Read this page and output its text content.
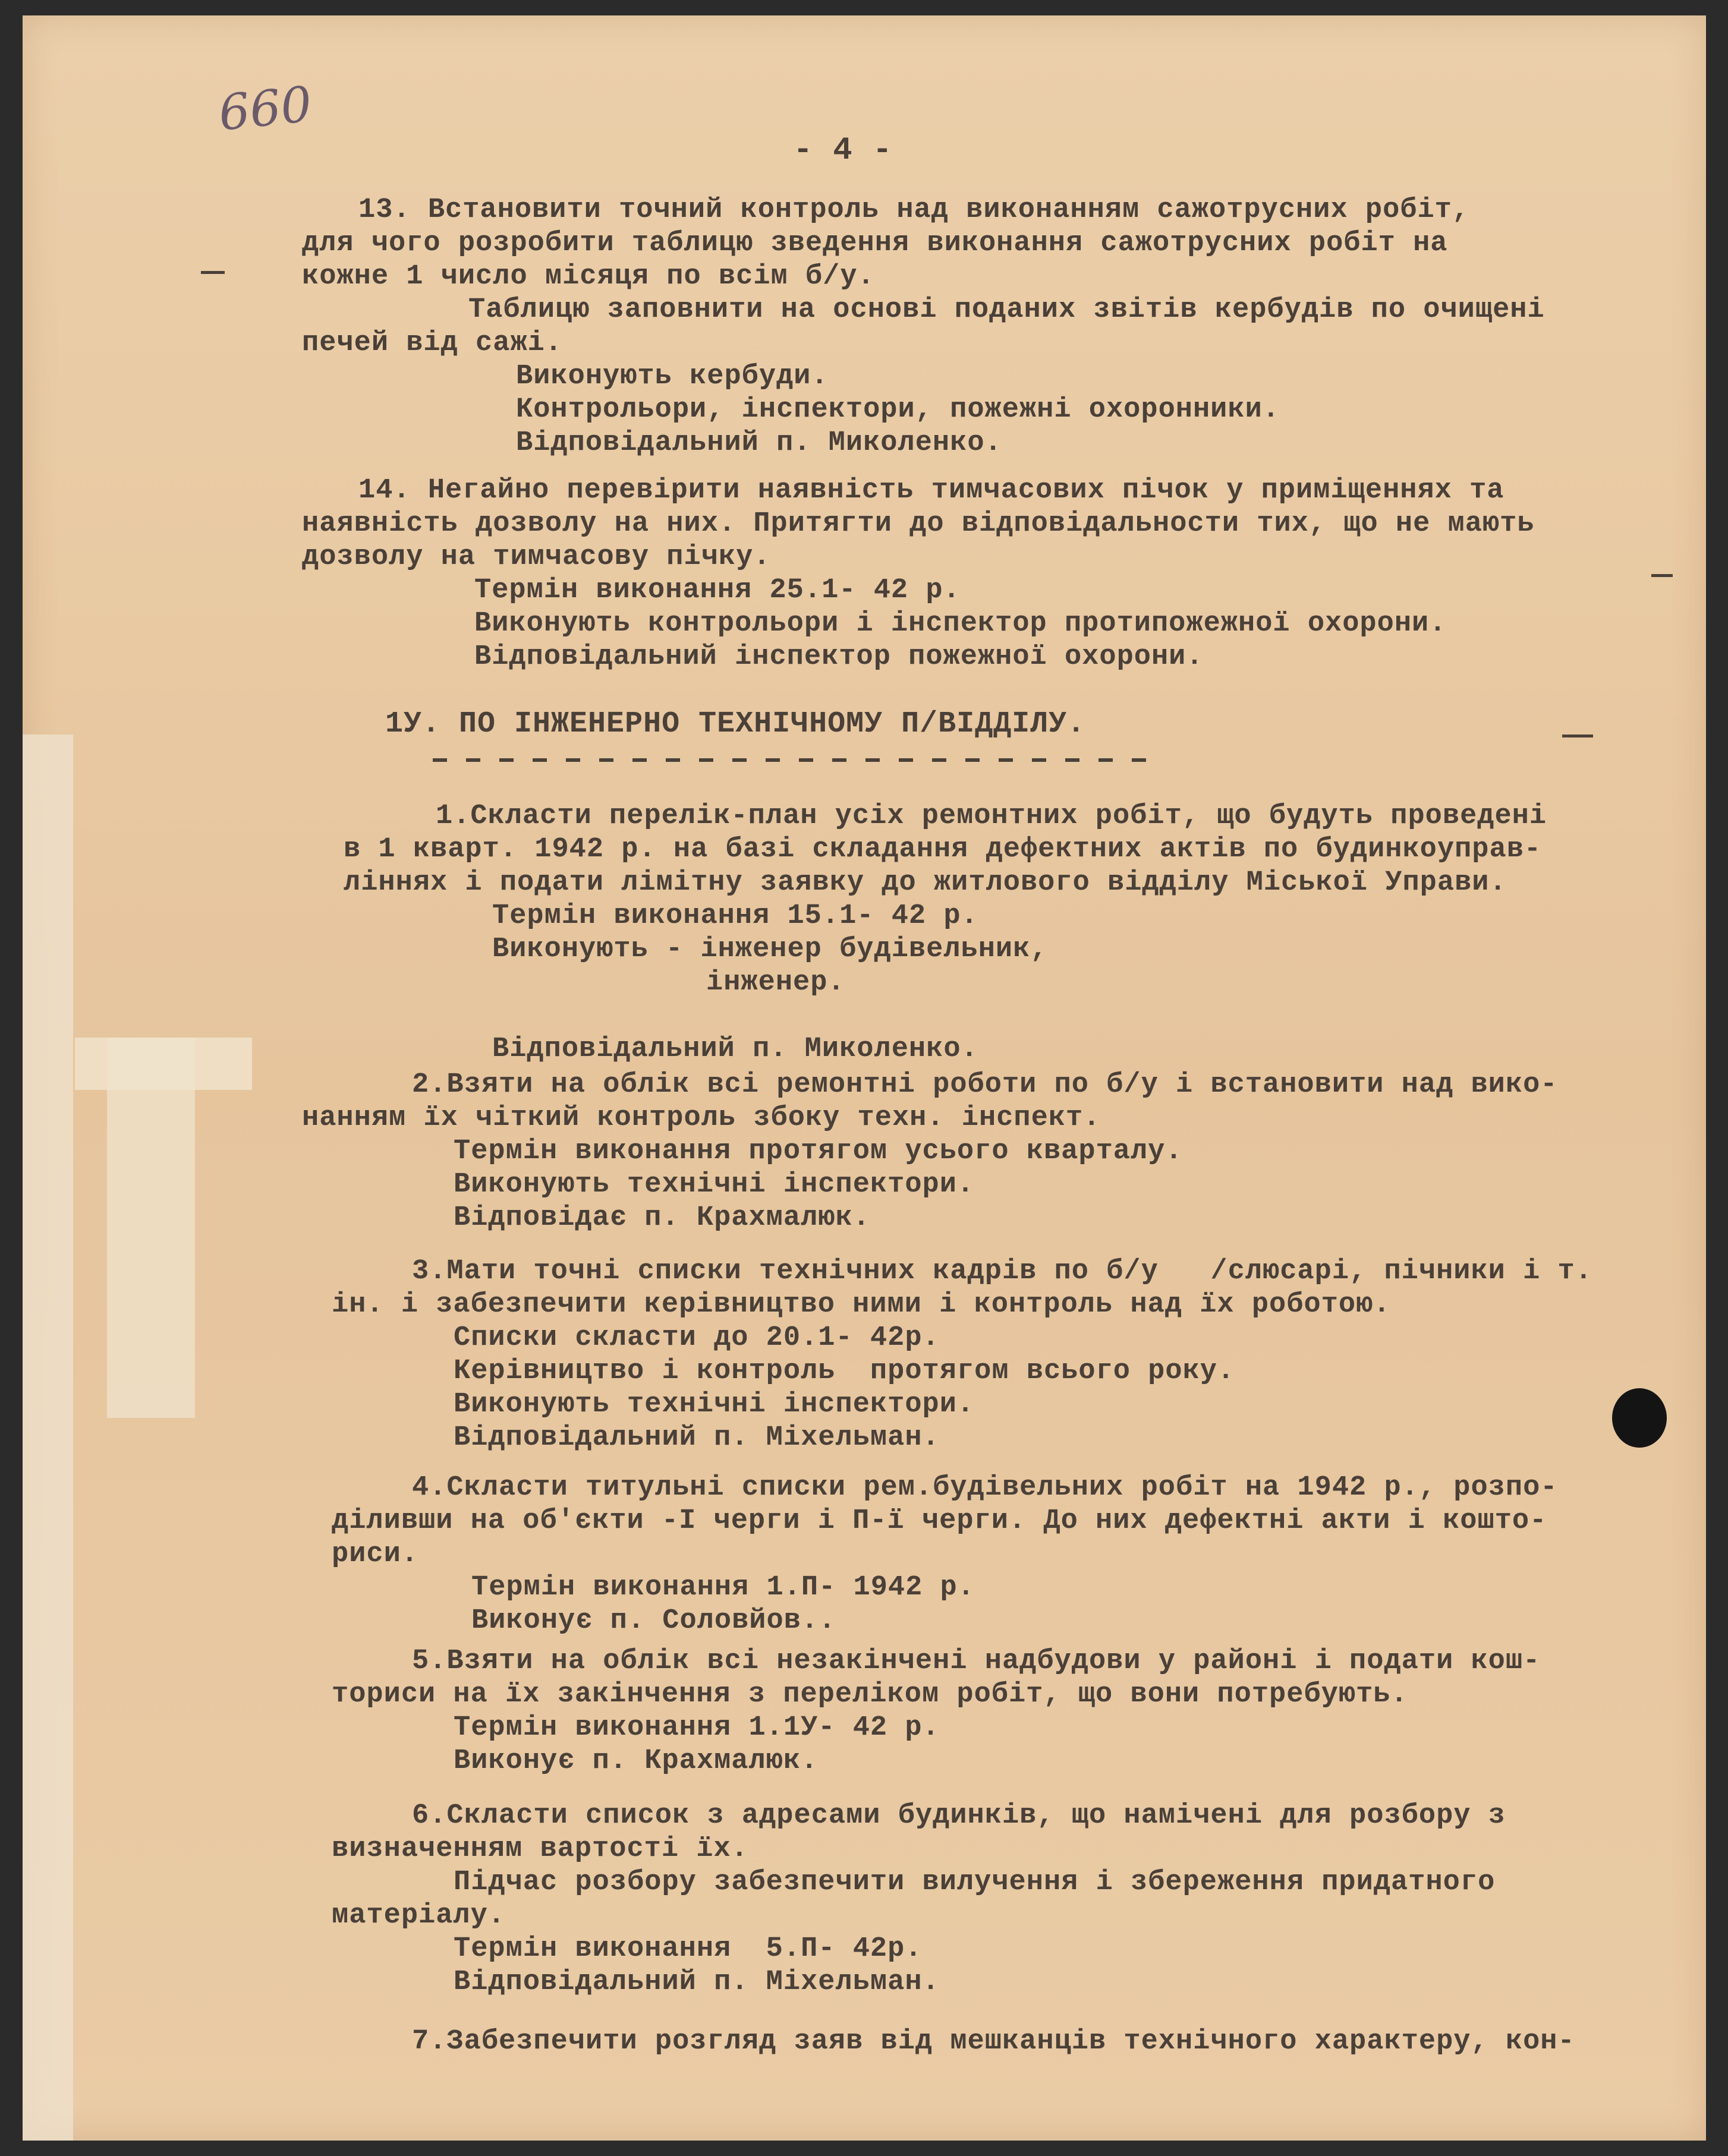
660
- 4 -
13. Встановити точний контроль над виконанням сажотрусних робіт,
для чого розробити таблицю зведення виконання сажотрусних робіт на
кожне 1 число місяця по всім б/у.
Таблицю заповнити на основі поданих звітів кербудів по очищені
печей від сажі.
Виконують кербуди.
Контрольори, інспектори, пожежні охоронники.
Відповідальний п. Миколенко.
14. Негайно перевірити наявність тимчасових пічок у приміщеннях та
наявність дозволу на них. Притягти до відповідальности тих, що не мають
дозволу на тимчасову пічку.
Термін виконання 25.1- 42 р.
Виконують контрольори і інспектор протипожежної охорони.
Відповідальний інспектор пожежної охорони.
1У. ПО ІНЖЕНЕРНО ТЕХНІЧНОМУ П/ВІДДІЛУ.
1.Скласти перелік-план усіх ремонтних робіт, що будуть проведені
в 1 кварт. 1942 р. на базі складання дефектних актів по будинкоуправ-
ліннях і подати лімітну заявку до житлового відділу Міської Управи.
Термін виконання 15.1- 42 р.
Виконують - інженер будівельник,
інженер.
Відповідальний п. Миколенко.
2.Взяти на облік всі ремонтні роботи по б/у і встановити над вико-
нанням їх чіткий контроль збоку техн. інспект.
Термін виконання протягом усього кварталу.
Виконують технічні інспектори.
Відповідає п. Крахмалюк.
3.Мати точні списки технічних кадрів по б/у   /слюсарі, пічники і т.
ін. і забезпечити керівництво ними і контроль над їх роботою.
Списки скласти до 20.1- 42р.
Керівництво і контроль  протягом всього року.
Виконують технічні інспектори.
Відповідальний п. Міхельман.
4.Скласти титульні списки рем.будівельних робіт на 1942 р., розпо-
діливши на об'єкти -І черги і П-ї черги. До них дефектні акти і кошто-
риси.
Термін виконання 1.П- 1942 р.
Виконує п. Соловйов..
5.Взяти на облік всі незакінчені надбудови у районі і подати кош-
ториси на їх закінчення з переліком робіт, що вони потребують.
Термін виконання 1.1У- 42 р.
Виконує п. Крахмалюк.
6.Скласти список з адресами будинків, що намічені для розбору з
визначенням вартості їх.
Підчас розбору забезпечити вилучення і збереження придатного
матеріалу.
Термін виконання  5.П- 42р.
Відповідальний п. Міхельман.
7.Забезпечити розгляд заяв від мешканців технічного характеру, кон-
